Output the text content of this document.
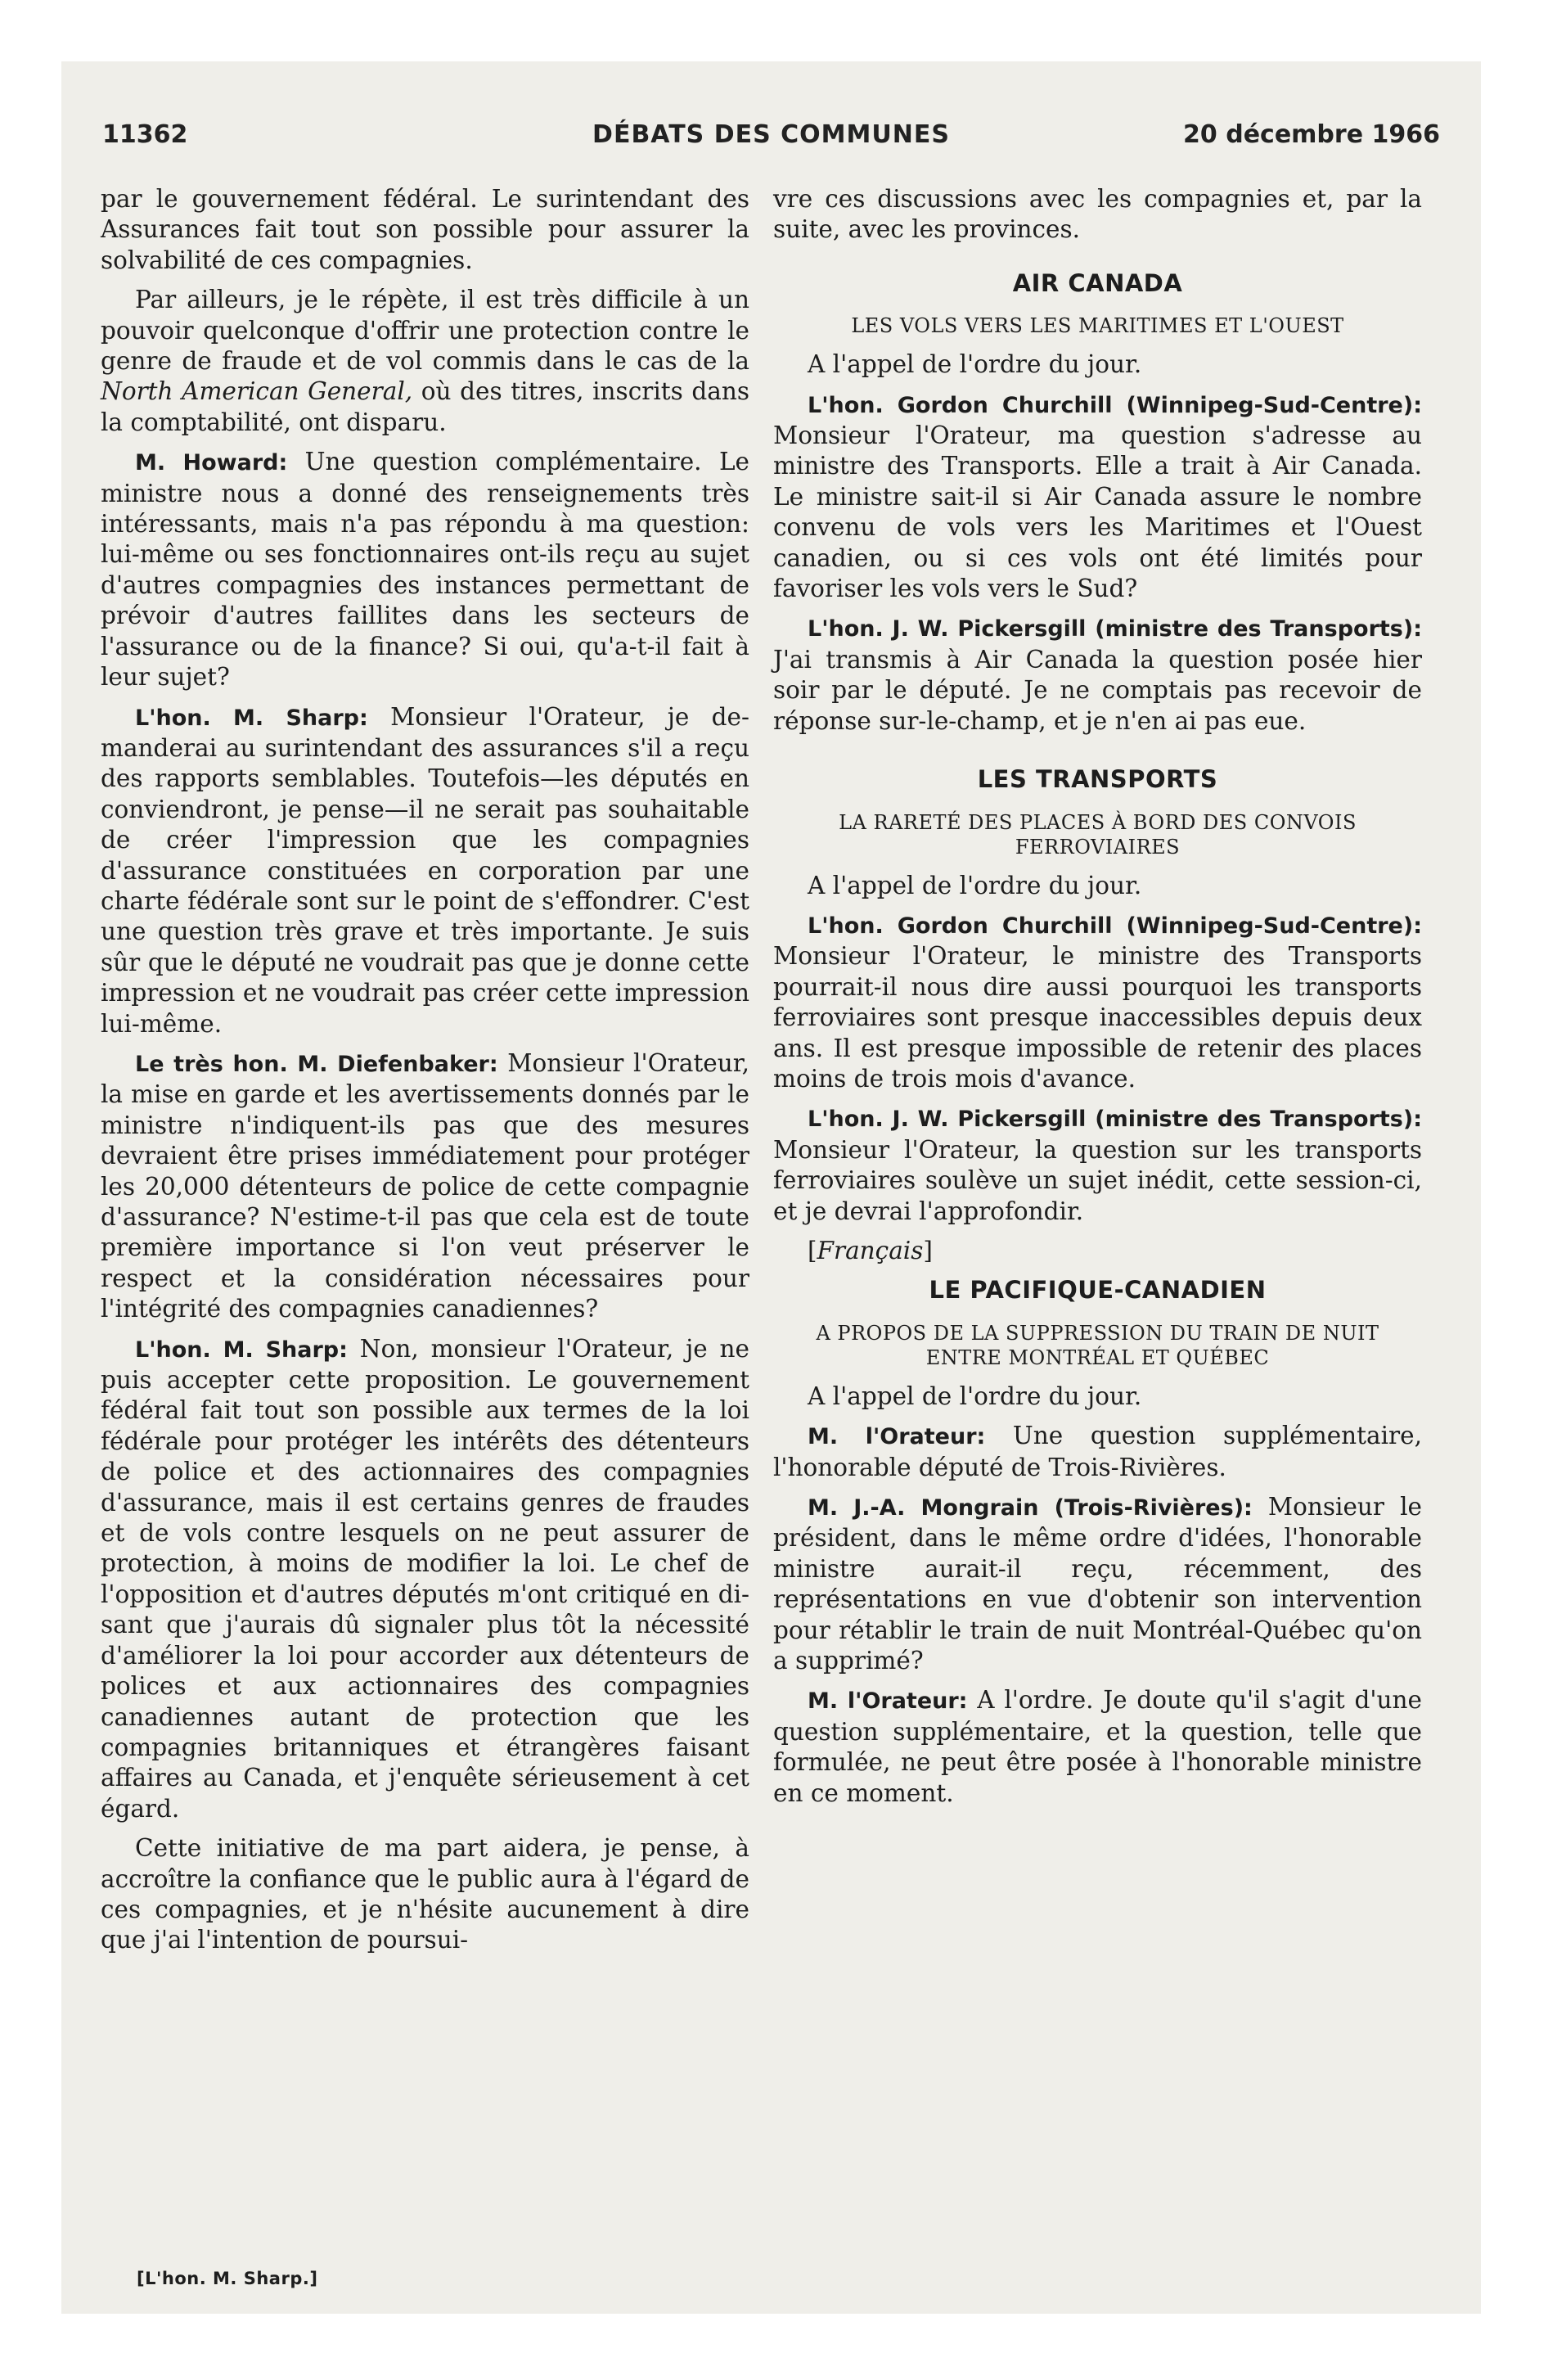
11362	DÉBATS DES COMMUNES	20 décembre 1966

par le gouvernement fédéral. Le surintendant des Assurances fait tout son possible pour assurer la solvabilité de ces compagnies.

Par ailleurs, je le répète, il est très difficile à un pouvoir quelconque d'offrir une protection contre le genre de fraude et de vol commis dans le cas de la North American General, où des titres, inscrits dans la comptabilité, ont disparu.

M. Howard: Une question complémentaire. Le ministre nous a donné des renseignements très intéressants, mais n'a pas répondu à ma question: lui-même ou ses fonctionnaires ont-ils reçu au sujet d'autres compagnies des instances permettant de prévoir d'autres faillites dans les secteurs de l'assurance ou de la finance? Si oui, qu'a-t-il fait à leur sujet?

L'hon. M. Sharp: Monsieur l'Orateur, je demanderai au surintendant des assurances s'il a reçu des rapports semblables. Toutefois—les députés en conviendront, je pense—il ne serait pas souhaitable de créer l'impression que les compagnies d'assurance constituées en corporation par une charte fédérale sont sur le point de s'effondrer. C'est une question très grave et très importante. Je suis sûr que le député ne voudrait pas que je donne cette impression et ne voudrait pas créer cette impression lui-même.

Le très hon. M. Diefenbaker: Monsieur l'Orateur, la mise en garde et les avertissements donnés par le ministre n'indiquent-ils pas que des mesures devraient être prises immédiatement pour protéger les 20,000 détenteurs de police de cette compagnie d'assurance? N'estime-t-il pas que cela est de toute première importance si l'on veut préserver le respect et la considération nécessaires pour l'intégrité des compagnies canadiennes?

L'hon. M. Sharp: Non, monsieur l'Orateur, je ne puis accepter cette proposition. Le gouvernement fédéral fait tout son possible aux termes de la loi fédérale pour protéger les intérêts des détenteurs de police et des actionnaires des compagnies d'assurance, mais il est certains genres de fraudes et de vols contre lesquels on ne peut assurer de protection, à moins de modifier la loi. Le chef de l'opposition et d'autres députés m'ont critiqué en disant que j'aurais dû signaler plus tôt la nécessité d'améliorer la loi pour accorder aux détenteurs de polices et aux actionnaires des compagnies canadiennes autant de protection que les compagnies britanniques et étrangères faisant affaires au Canada, et j'enquête sérieusement à cet égard.

Cette initiative de ma part aidera, je pense, à accroître la confiance que le public aura à l'égard de ces compagnies, et je n'hésite aucunement à dire que j'ai l'intention de poursui-

vre ces discussions avec les compagnies et, par la suite, avec les provinces.

AIR CANADA
LES VOLS VERS LES MARITIMES ET L'OUEST

A l'appel de l'ordre du jour.

L'hon. Gordon Churchill (Winnipeg-Sud-Centre): Monsieur l'Orateur, ma question s'adresse au ministre des Transports. Elle a trait à Air Canada. Le ministre sait-il si Air Canada assure le nombre convenu de vols vers les Maritimes et l'Ouest canadien, ou si ces vols ont été limités pour favoriser les vols vers le Sud?

L'hon. J. W. Pickersgill (ministre des Transports): J'ai transmis à Air Canada la question posée hier soir par le député. Je ne comptais pas recevoir de réponse sur-le-champ, et je n'en ai pas eue.

LES TRANSPORTS
LA RARETÉ DES PLACES À BORD DES CONVOIS FERROVIAIRES

A l'appel de l'ordre du jour.

L'hon. Gordon Churchill (Winnipeg-Sud-Centre): Monsieur l'Orateur, le ministre des Transports pourrait-il nous dire aussi pourquoi les transports ferroviaires sont presque inaccessibles depuis deux ans. Il est presque impossible de retenir des places moins de trois mois d'avance.

L'hon. J. W. Pickersgill (ministre des Transports): Monsieur l'Orateur, la question sur les transports ferroviaires soulève un sujet inédit, cette session-ci, et je devrai l'approfondir.

[Français]

LE PACIFIQUE-CANADIEN
A PROPOS DE LA SUPPRESSION DU TRAIN DE NUIT ENTRE MONTRÉAL ET QUÉBEC

A l'appel de l'ordre du jour.

M. l'Orateur: Une question supplémentaire, l'honorable député de Trois-Rivières.

M. J.-A. Mongrain (Trois-Rivières): Monsieur le président, dans le même ordre d'idées, l'honorable ministre aurait-il reçu, récemment, des représentations en vue d'obtenir son intervention pour rétablir le train de nuit Montréal-Québec qu'on a supprimé?

M. l'Orateur: A l'ordre. Je doute qu'il s'agit d'une question supplémentaire, et la question, telle que formulée, ne peut être posée à l'honorable ministre en ce moment.

[L'hon. M. Sharp.]
